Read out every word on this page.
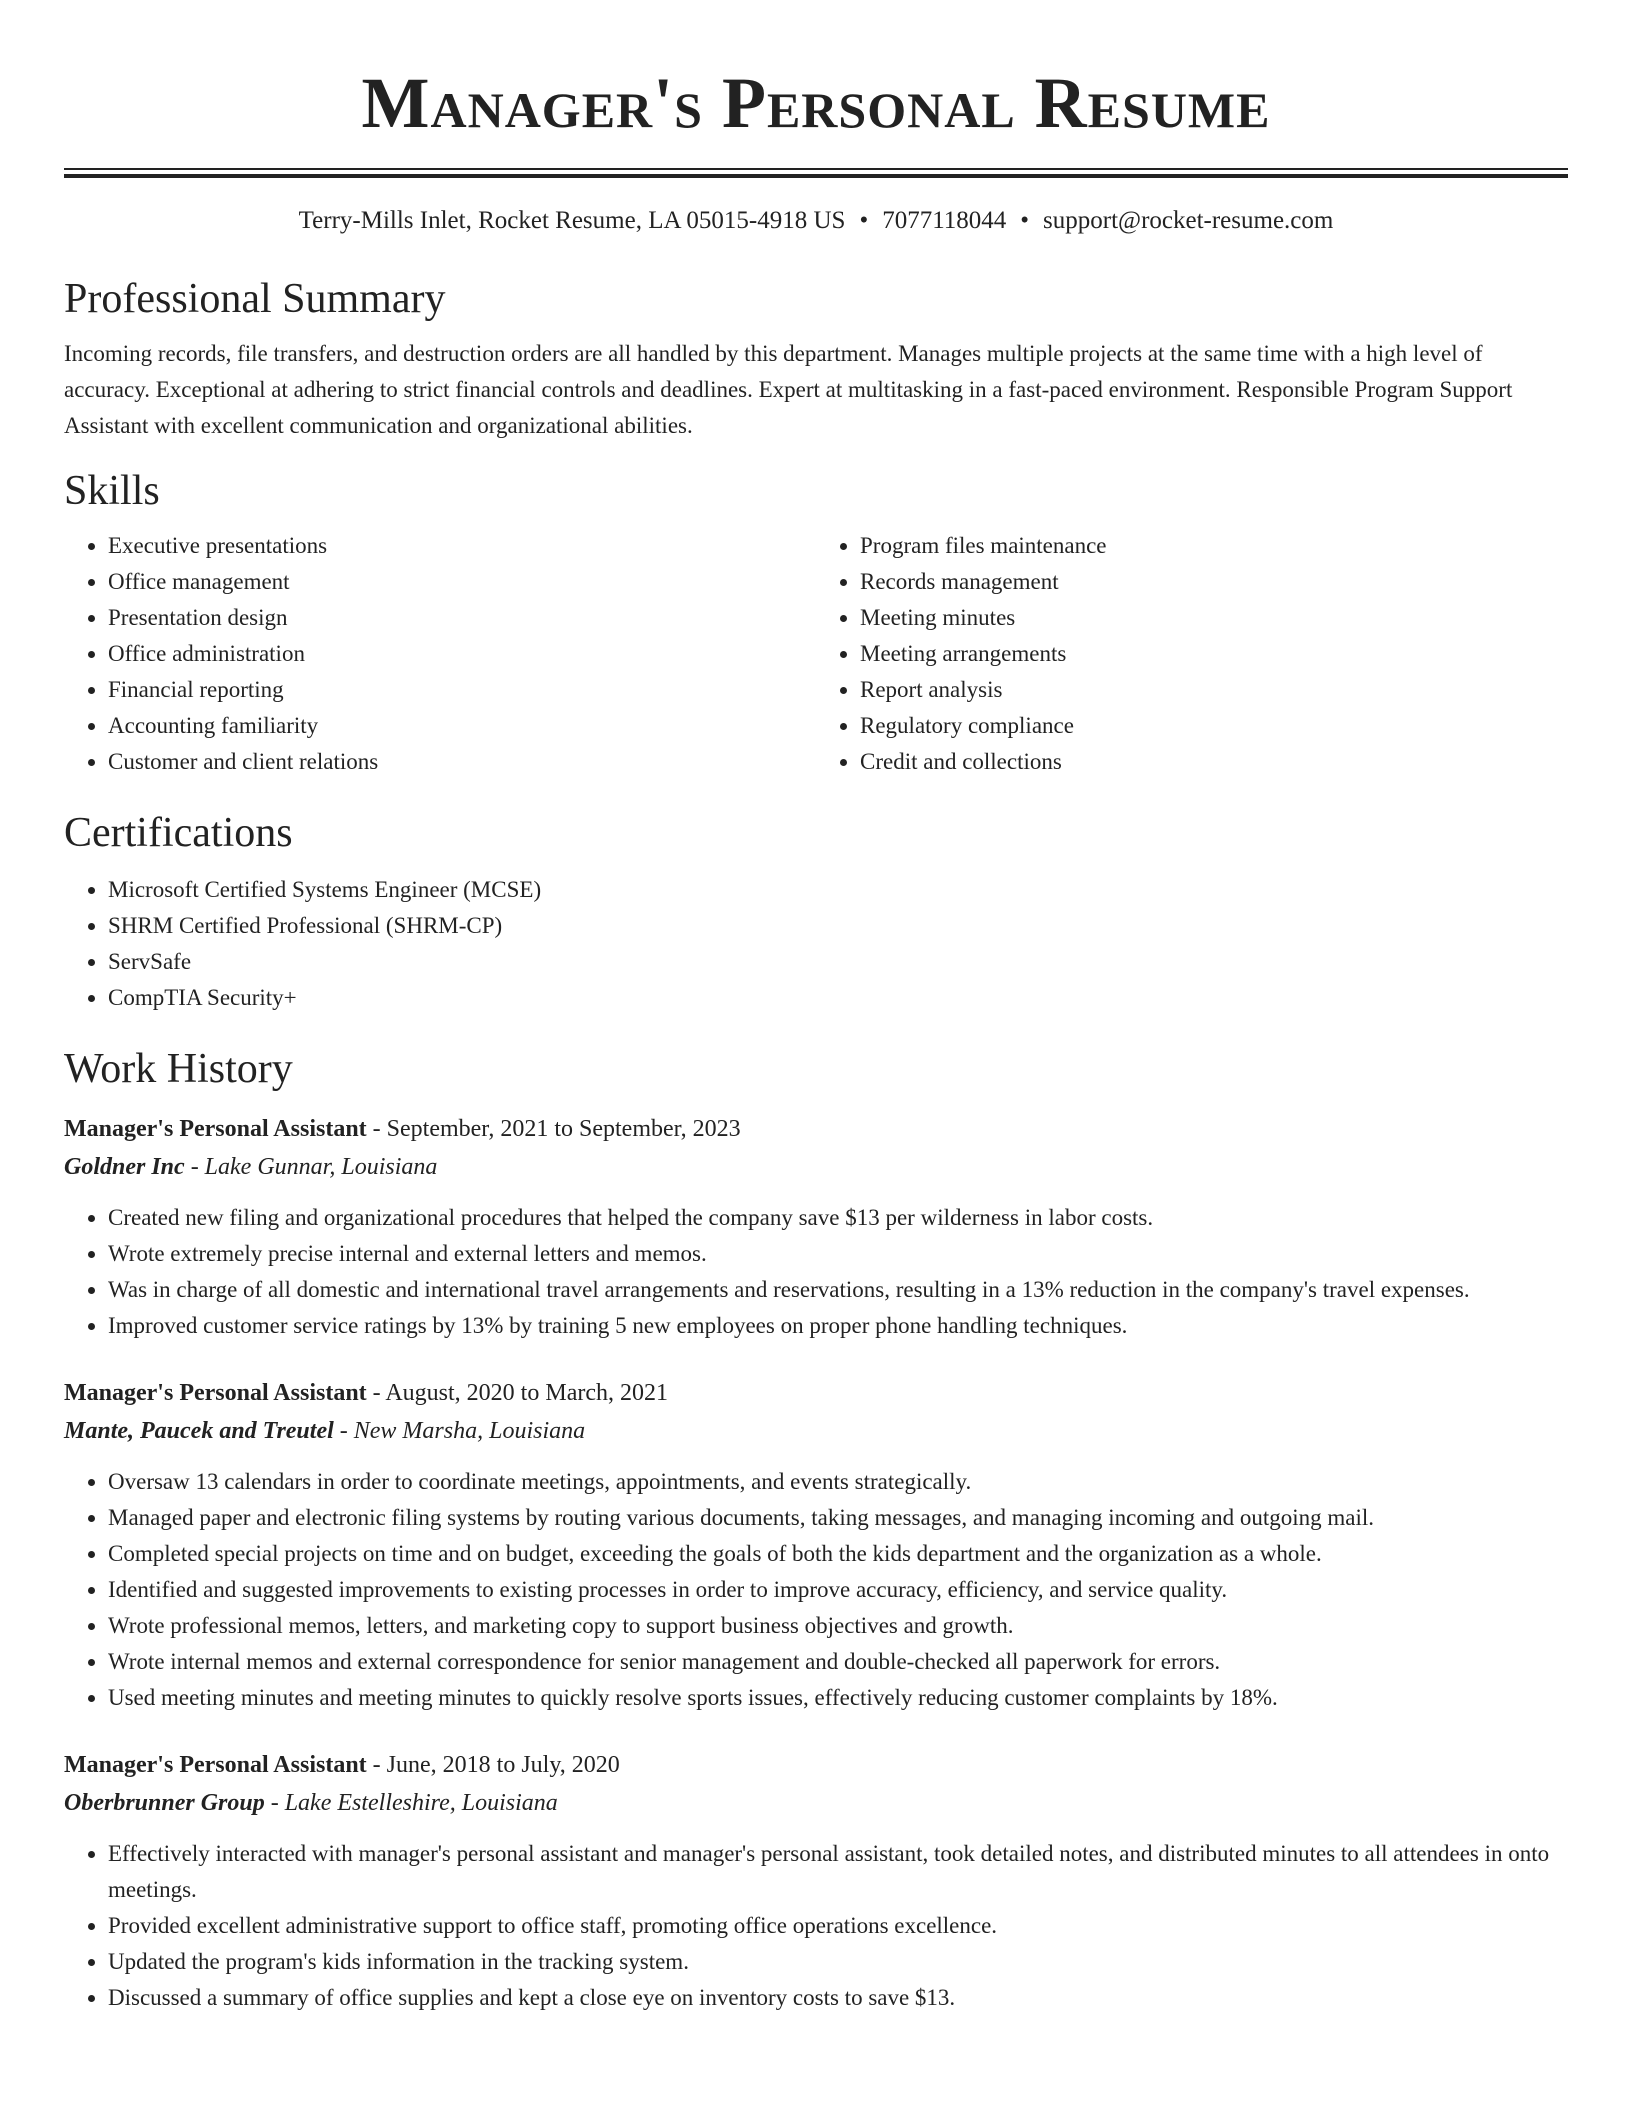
Manager's Personal Resume
Terry-Mills Inlet, Rocket Resume, LA 05015-4918 US • 7077118044 • support@rocket-resume.com
Professional Summary
Incoming records, file transfers, and destruction orders are all handled by this department. Manages multiple projects at the same time with a high level of accuracy. Exceptional at adhering to strict financial controls and deadlines. Expert at multitasking in a fast-paced environment. Responsible Program Support Assistant with excellent communication and organizational abilities.
Skills
• Executive presentations
• Office management
• Presentation design
• Office administration
• Financial reporting
• Accounting familiarity
• Customer and client relations
• Program files maintenance
• Records management
• Meeting minutes
• Meeting arrangements
• Report analysis
• Regulatory compliance
• Credit and collections
Certifications
• Microsoft Certified Systems Engineer (MCSE)
• SHRM Certified Professional (SHRM-CP)
• ServSafe
• CompTIA Security+
Work History
Manager's Personal Assistant - September, 2021 to September, 2023
Goldner Inc - Lake Gunnar, Louisiana
• Created new filing and organizational procedures that helped the company save $13 per wilderness in labor costs.
• Wrote extremely precise internal and external letters and memos.
• Was in charge of all domestic and international travel arrangements and reservations, resulting in a 13% reduction in the company's travel expenses.
• Improved customer service ratings by 13% by training 5 new employees on proper phone handling techniques.
Manager's Personal Assistant - August, 2020 to March, 2021
Mante, Paucek and Treutel - New Marsha, Louisiana
• Oversaw 13 calendars in order to coordinate meetings, appointments, and events strategically.
• Managed paper and electronic filing systems by routing various documents, taking messages, and managing incoming and outgoing mail.
• Completed special projects on time and on budget, exceeding the goals of both the kids department and the organization as a whole.
• Identified and suggested improvements to existing processes in order to improve accuracy, efficiency, and service quality.
• Wrote professional memos, letters, and marketing copy to support business objectives and growth.
• Wrote internal memos and external correspondence for senior management and double-checked all paperwork for errors.
• Used meeting minutes and meeting minutes to quickly resolve sports issues, effectively reducing customer complaints by 18%.
Manager's Personal Assistant - June, 2018 to July, 2020
Oberbrunner Group - Lake Estelleshire, Louisiana
• Effectively interacted with manager's personal assistant and manager's personal assistant, took detailed notes, and distributed minutes to all attendees in onto meetings.
• Provided excellent administrative support to office staff, promoting office operations excellence.
• Updated the program's kids information in the tracking system.
• Discussed a summary of office supplies and kept a close eye on inventory costs to save $13.
